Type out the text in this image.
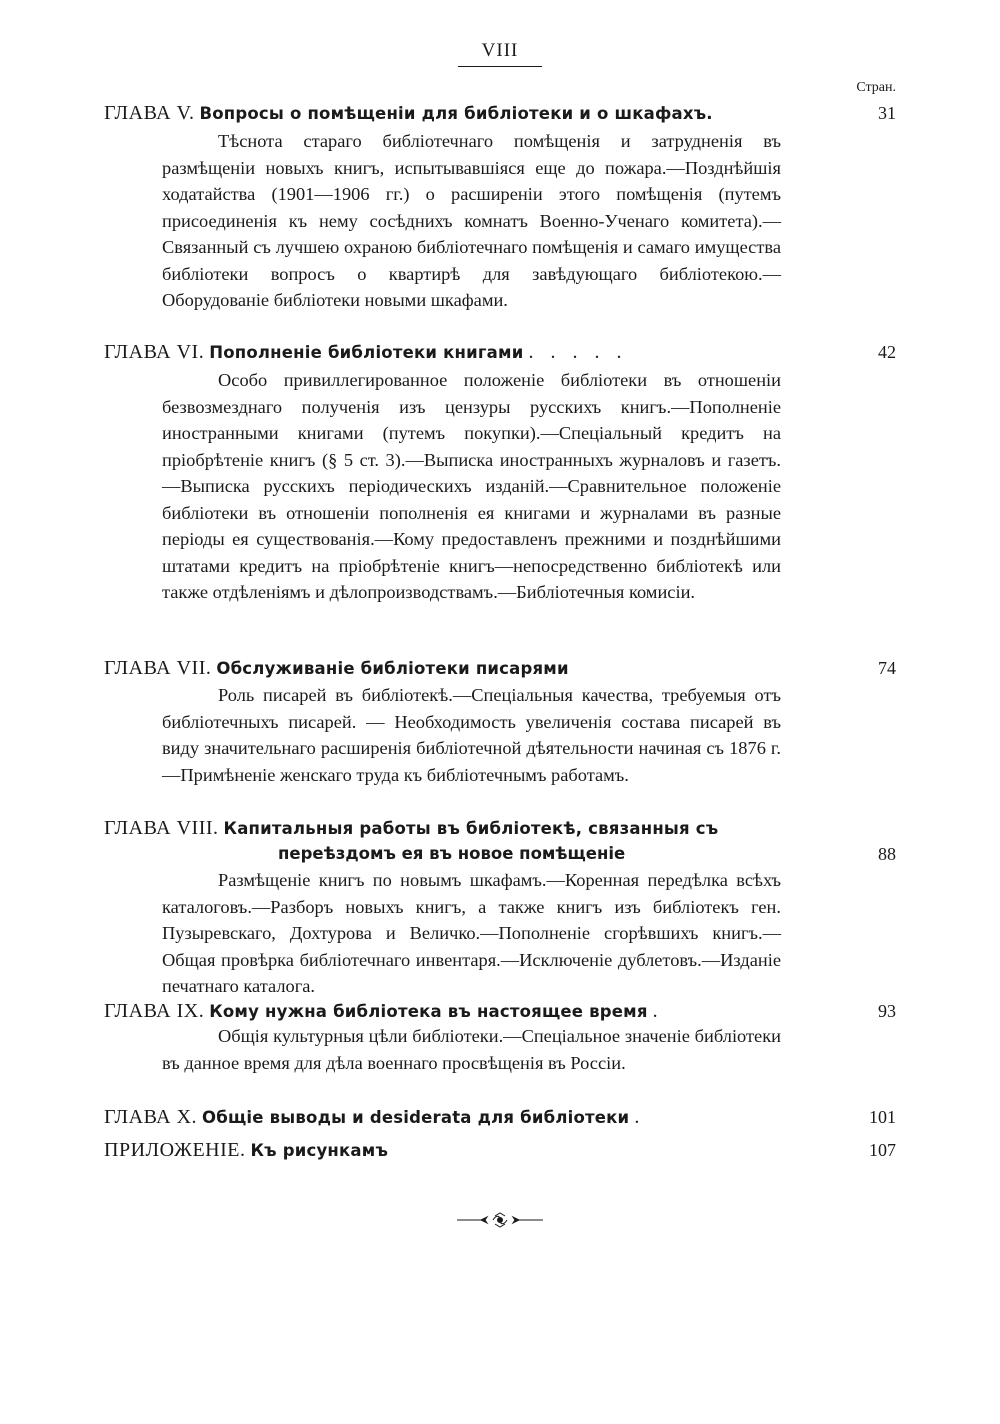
VIII
Стран.
ГЛАВА V. Вопросы о помѣщеніи для библіотеки и о шкафахъ.	31

Тѣснота стараго библіотечнаго помѣщенія и затрудненія въ размѣщеніи новыхъ книгъ, испытывавшіяся еще до пожара.—Позднѣйшія ходатайства (1901—1906 гг.) о расширеніи этого помѣщенія (путемъ присоединенія къ нему сосѣднихъ комнатъ Военно-Ученаго комитета).—Связанный съ лучшею охраною библіотечнаго помѣщенія и самаго имущества библіотеки вопросъ о квартирѣ для завѣдующаго библіотекою.—Оборудованіе библіотеки новыми шкафами.

ГЛАВА VI. Пополненіе библіотеки книгами . . . . .	42

Особо привиллегированное положеніе библіотеки въ отношеніи безвозмезднаго полученія изъ цензуры русскихъ книгъ.—Пополненіе иностранными книгами (путемъ покупки).—Спеціальный кредитъ на пріобрѣтеніе книгъ (§ 5 ст. 3).—Выписка иностранныхъ журналовъ и газетъ.—Выписка русскихъ періодическихъ изданій.—Сравнительное положеніе библіотеки въ отношеніи пополненія ея книгами и журналами въ разные періоды ея существованія.—Кому предоставленъ прежними и позднѣйшими штатами кредитъ на пріобрѣтеніе книгъ—непосредственно библіотекѣ или также отдѣленіямъ и дѣлопроизводствамъ.—Библіотечныя комисіи.

ГЛАВА VII. Обслуживаніе библіотеки писарями	74

Роль писарей въ библіотекѣ.—Спеціальныя качества, требуемыя отъ библіотечныхъ писарей. — Необходимость увеличенія состава писарей въ виду значительнаго расширенія библіотечной дѣятельности начиная съ 1876 г.—Примѣненіе женскаго труда къ библіотечнымъ работамъ.

ГЛАВА VIII. Капитальныя работы въ библіотекѣ, связанныя съ
переѣздомъ ея въ новое помѣщеніе	88

Размѣщеніе книгъ по новымъ шкафамъ.—Коренная передѣлка всѣхъ каталоговъ.—Разборъ новыхъ книгъ, а также книгъ изъ библіотекъ ген. Пузыревскаго, Дохтурова и Величко.—Пополненіе сгорѣвшихъ книгъ.—Общая провѣрка библіотечнаго инвентаря.—Исключеніе дублетовъ.—Изданіе печатнаго каталога.

ГЛАВА IX. Кому нужна библіотека въ настоящее время .	93

Общія культурныя цѣли библіотеки.—Спеціальное значеніе библіотеки въ данное время для дѣла военнаго просвѣщенія въ Россіи.

ГЛАВА X. Общіе выводы и desiderata для библіотеки .	101
ПРИЛОЖЕНІЕ. Къ рисункамъ	107
